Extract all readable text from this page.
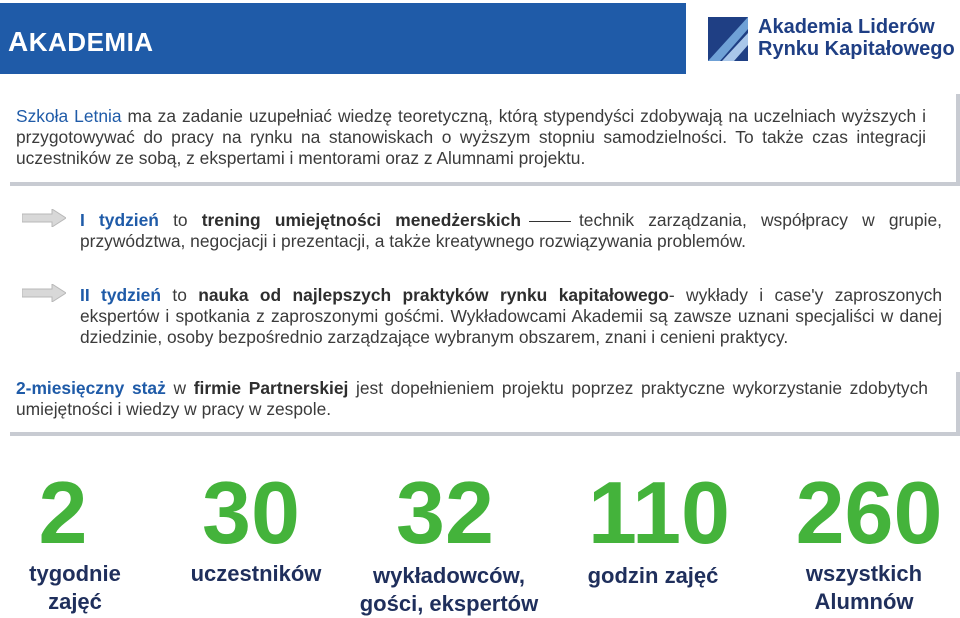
AKADEMIA	Akademia Liderów
Rynku Kapitałowego
Szkoła Letnia ma za zadanie uzupełniać wiedzę teoretyczną, którą stypendyści zdobywają na uczelniach wyższych i przygotowywać do pracy na rynku na stanowiskach o wyższym stopniu samodzielności. To także czas integracji uczestników ze sobą, z ekspertami i mentorami oraz z Alumnami projektu.
I tydzień to trening umiejętności menedżerskich	technik zarządzania, współpracy w grupie, przywództwa, negocjacji i prezentacji, a także kreatywnego rozwiązywania problemów.
II tydzień to nauka od najlepszych praktyków rynku kapitałowego- wykłady i case'y zaproszonych ekspertów i spotkania z zaproszonymi gośćmi. Wykładowcami Akademii są zawsze uznani specjaliści w danej dziedzinie, osoby bezpośrednio zarządzające wybranym obszarem, znani i cenieni praktycy.
2-miesięczny staż w firmie Partnerskiej jest dopełnieniem projektu poprzez praktyczne wykorzystanie zdobytych umiejętności i wiedzy w pracy w zespole.
2
tygodnie
zajęć
30
uczestników
32
wykładowców,
gości, ekspertów
110
godzin zajęć
260
wszystkich
Alumnów
